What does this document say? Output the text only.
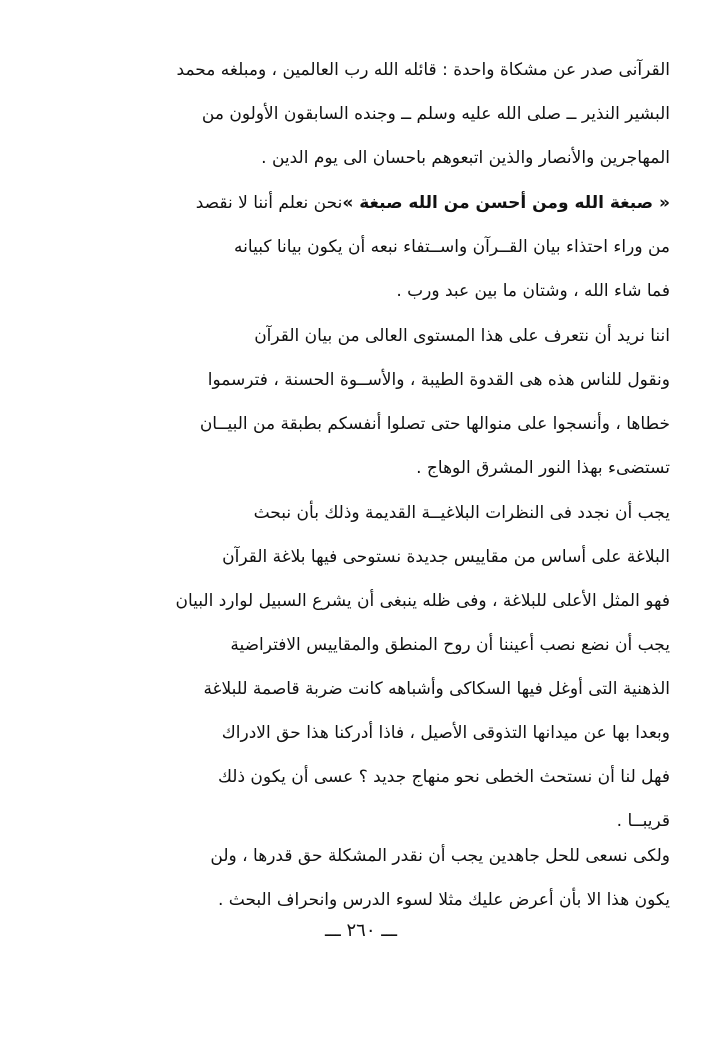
القرآنى صدر عن مشكاة واحدة : قائله الله رب العالمين ، ومبلغه محمد
البشير النذير ــ صلى الله عليه وسلم ــ وجنده السابقون الأولون من
المهاجرين والأنصار والذين اتبعوهم باحسان الى يوم الدين .
« صبغة الله ومن أحسن من الله صبغة »نحن نعلم أننا لا نقصد
من وراء احتذاء بيان القــرآن واســتفاء نبعه أن يكون بيانا كبيانه
فما شاء الله ، وشتان ما بين عبد ورب .
اننا نريد أن نتعرف على هذا المستوى العالى من بيان القرآن
ونقول للناس هذه هى القدوة الطيبة ، والأســوة الحسنة ، فترسموا
خطاها ، وأنسجوا على منوالها حتى تصلوا أنفسكم بطبقة من البيــان
تستضىء بهذا النور المشرق الوهاج .
يجب أن نجدد فى النظرات البلاغيــة القديمة وذلك بأن نبحث
البلاغة على أساس من مقاييس جديدة نستوحى فيها بلاغة القرآن
فهو المثل الأعلى للبلاغة ، وفى ظله ينبغى أن يشرع السبيل لوارد البيان
يجب أن نضع نصب أعيننا أن روح المنطق والمقاييس الافتراضية
الذهنية التى أوغل فيها السكاكى وأشباهه كانت ضربة قاصمة للبلاغة
وبعدا بها عن ميدانها التذوقى الأصيل ، فاذا أدركنا هذا حق الادراك
فهل لنا أن نستحث الخطى نحو منهاج جديد ؟ عسى أن يكون ذلك
قريبــا .
ولكى نسعى للحل جاهدين يجب أن نقدر المشكلة حق قدرها ، ولن
يكون هذا الا بأن أعرض عليك مثلا لسوء الدرس وانحراف البحث .
ـــ ٢٦٠ ـــ
